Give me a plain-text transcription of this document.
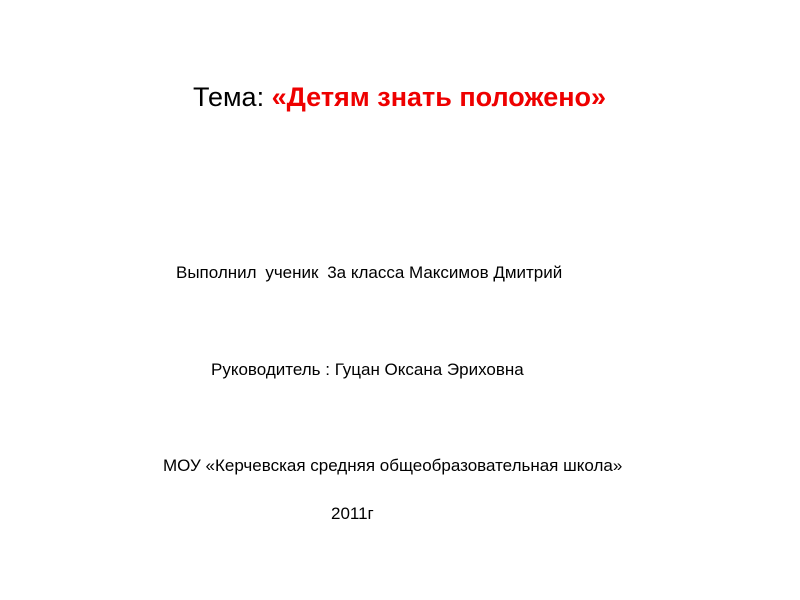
Тема: «Детям знать положено»
Выполнил ученик 3а класса Максимов Дмитрий
Руководитель : Гуцан Оксана Эриховна
МОУ «Керчевская средняя общеобразовательная школа»
2011г
